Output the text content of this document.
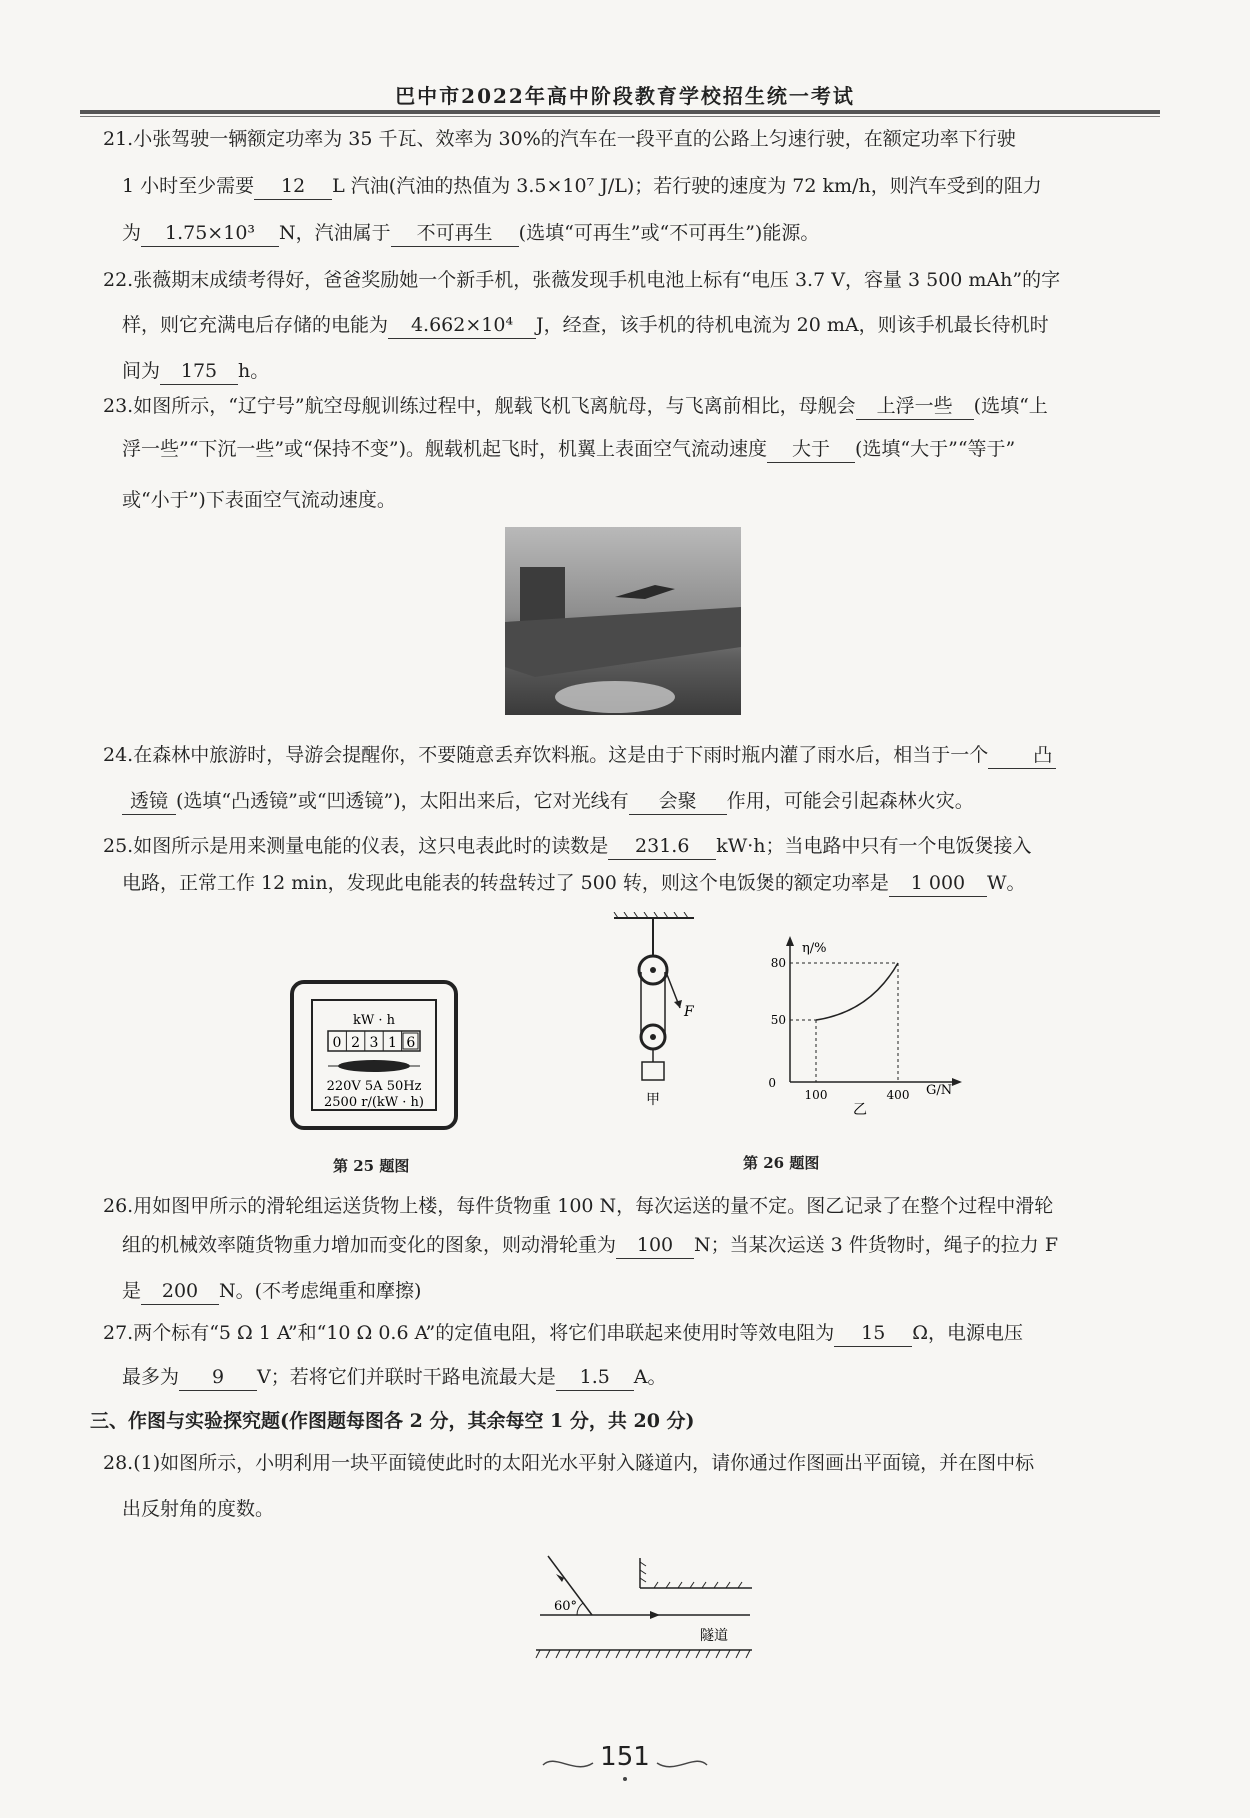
巴中市2022年高中阶段教育学校招生统一考试
21.小张驾驶一辆额定功率为 35 千瓦、效率为 30%的汽车在一段平直的公路上匀速行驶，在额定功率下行驶
1 小时至少需要 12 L 汽油(汽油的热值为 3.5×10⁷ J/L)；若行驶的速度为 72 km/h，则汽车受到的阻力
为 1.75×10³ N，汽油属于 不可再生 (选填“可再生”或“不可再生”)能源。
22.张薇期末成绩考得好，爸爸奖励她一个新手机，张薇发现手机电池上标有“电压 3.7 V，容量 3 500 mAh”的字
样，则它充满电后存储的电能为 4.662×10⁴ J，经查，该手机的待机电流为 20 mA，则该手机最长待机时
间为 175 h。
23.如图所示，“辽宁号”航空母舰训练过程中，舰载飞机飞离航母，与飞离前相比，母舰会 上浮一些 (选填“上
浮一些”“下沉一些”或“保持不变”)。舰载机起飞时，机翼上表面空气流动速度 大于 (选填“大于”“等于”
或“小于”)下表面空气流动速度。
24.在森林中旅游时，导游会提醒你，不要随意丢弃饮料瓶。这是由于下雨时瓶内灌了雨水后，相当于一个 凸
透镜 (选填“凸透镜”或“凹透镜”)，太阳出来后，它对光线有 会聚 作用，可能会引起森林火灾。
25.如图所示是用来测量电能的仪表，这只电表此时的读数是 231.6 kW·h；当电路中只有一个电饭煲接入
电路，正常工作 12 min，发现此电能表的转盘转过了 500 转，则这个电饭煲的额定功率是 1 000 W。
kW · h
0 2 3 1 6
220V 5A 50Hz
2500 r/(kW · h)
F
甲
η/%
G/N
0
80
50
100	400
乙
第 25 题图	第 26 题图
26.用如图甲所示的滑轮组运送货物上楼，每件货物重 100 N，每次运送的量不定。图乙记录了在整个过程中滑轮
组的机械效率随货物重力增加而变化的图象，则动滑轮重为 100 N；当某次运送 3 件货物时，绳子的拉力 F
是 200 N。(不考虑绳重和摩擦)
27.两个标有“5 Ω 1 A”和“10 Ω 0.6 A”的定值电阻，将它们串联起来使用时等效电阻为 15 Ω，电源电压
最多为 9 V；若将它们并联时干路电流最大是 1.5 A。
三、作图与实验探究题(作图题每图各 2 分，其余每空 1 分，共 20 分)
28.(1)如图所示，小明利用一块平面镜使此时的太阳光水平射入隧道内，请你通过作图画出平面镜，并在图中标
出反射角的度数。
60°
隧道
151
